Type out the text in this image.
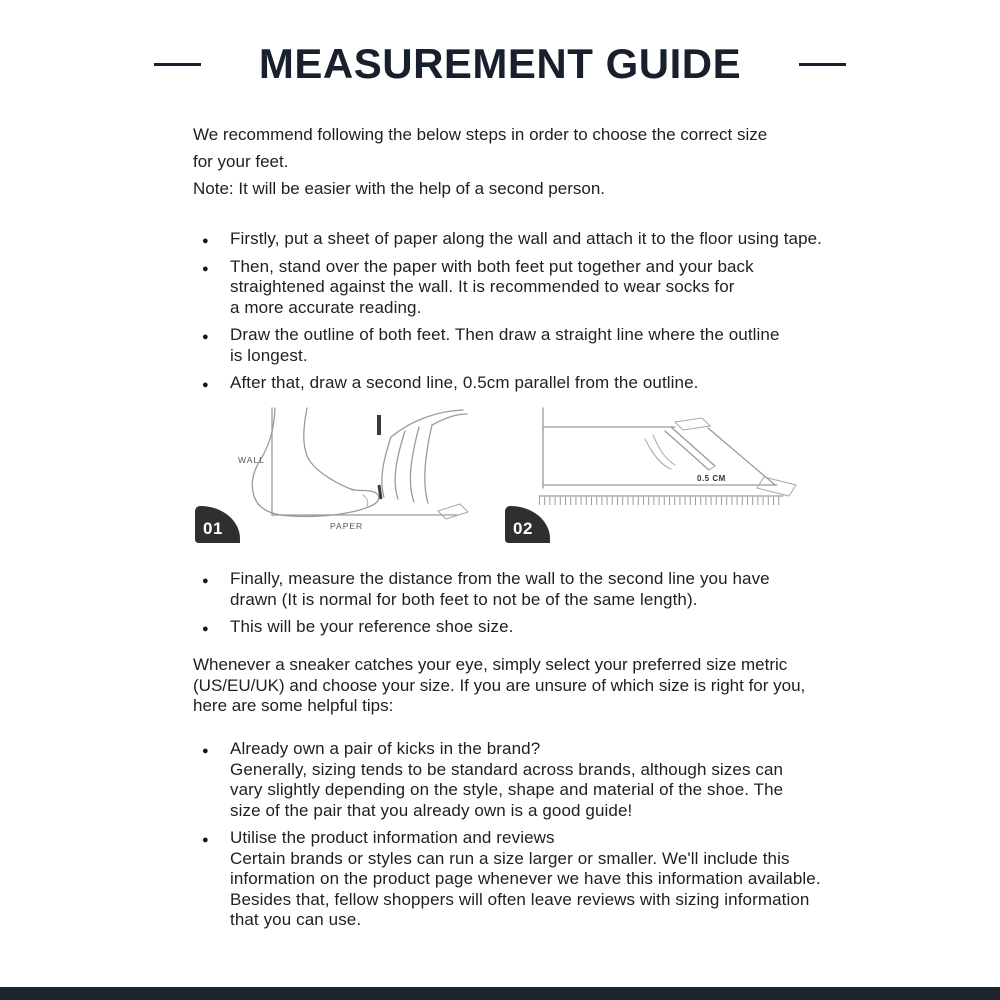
MEASUREMENT GUIDE
We recommend following the below steps in order to choose the correct size
for your feet.
Note: It will be easier with the help of a second person.
● Firstly, put a sheet of paper along the wall and attach it to the floor using tape.
● Then, stand over the paper with both feet put together and your back
straightened against the wall. It is recommended to wear socks for
a more accurate reading.
● Draw the outline of both feet. Then draw a straight line where the outline
is longest.
● After that, draw a second line, 0.5cm parallel from the outline.
WALL
PAPER
0.5 CM
01	02
● Finally, measure the distance from the wall to the second line you have
drawn (It is normal for both feet to not be of the same length).
● This will be your reference shoe size.
Whenever a sneaker catches your eye, simply select your preferred size metric
(US/EU/UK) and choose your size. If you are unsure of which size is right for you,
here are some helpful tips:
● Already own a pair of kicks in the brand?
Generally, sizing tends to be standard across brands, although sizes can
vary slightly depending on the style, shape and material of the shoe. The
size of the pair that you already own is a good guide!
● Utilise the product information and reviews
Certain brands or styles can run a size larger or smaller. We'll include this
information on the product page whenever we have this information available.
Besides that, fellow shoppers will often leave reviews with sizing information
that you can use.
